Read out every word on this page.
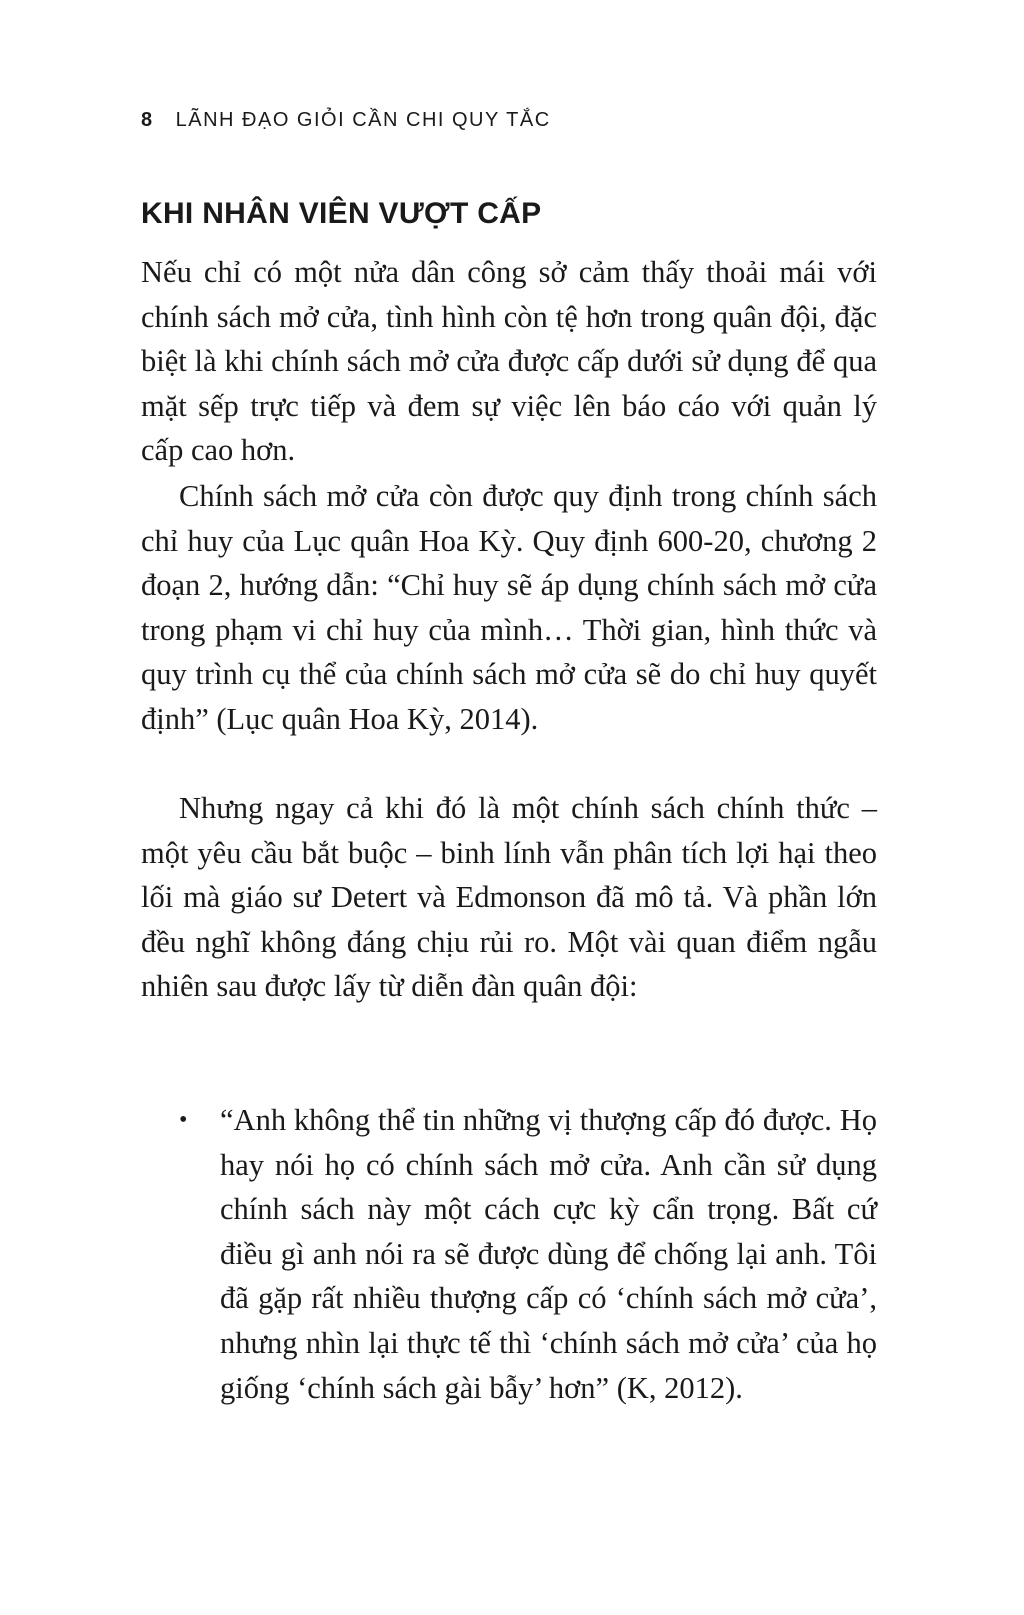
8 LÃNH ĐẠO GIỎI CẦN CHI QUY TẮC
KHI NHÂN VIÊN VƯỢT CẤP

Nếu chỉ có một nửa dân công sở cảm thấy thoải mái với chính sách mở cửa, tình hình còn tệ hơn trong quân đội, đặc biệt là khi chính sách mở cửa được cấp dưới sử dụng để qua mặt sếp trực tiếp và đem sự việc lên báo cáo với quản lý cấp cao hơn.

Chính sách mở cửa còn được quy định trong chính sách chỉ huy của Lục quân Hoa Kỳ. Quy định 600-20, chương 2 đoạn 2, hướng dẫn: “Chỉ huy sẽ áp dụng chính sách mở cửa trong phạm vi chỉ huy của mình… Thời gian, hình thức và quy trình cụ thể của chính sách mở cửa sẽ do chỉ huy quyết định” (Lục quân Hoa Kỳ, 2014).

Nhưng ngay cả khi đó là một chính sách chính thức – một yêu cầu bắt buộc – binh lính vẫn phân tích lợi hại theo lối mà giáo sư Detert và Edmonson đã mô tả. Và phần lớn đều nghĩ không đáng chịu rủi ro. Một vài quan điểm ngẫu nhiên sau được lấy từ diễn đàn quân đội:

• “Anh không thể tin những vị thượng cấp đó được. Họ hay nói họ có chính sách mở cửa. Anh cần sử dụng chính sách này một cách cực kỳ cẩn trọng. Bất cứ điều gì anh nói ra sẽ được dùng để chống lại anh. Tôi đã gặp rất nhiều thượng cấp có ‘chính sách mở cửa’, nhưng nhìn lại thực tế thì ‘chính sách mở cửa’ của họ giống ‘chính sách gài bẫy’ hơn” (K, 2012).
